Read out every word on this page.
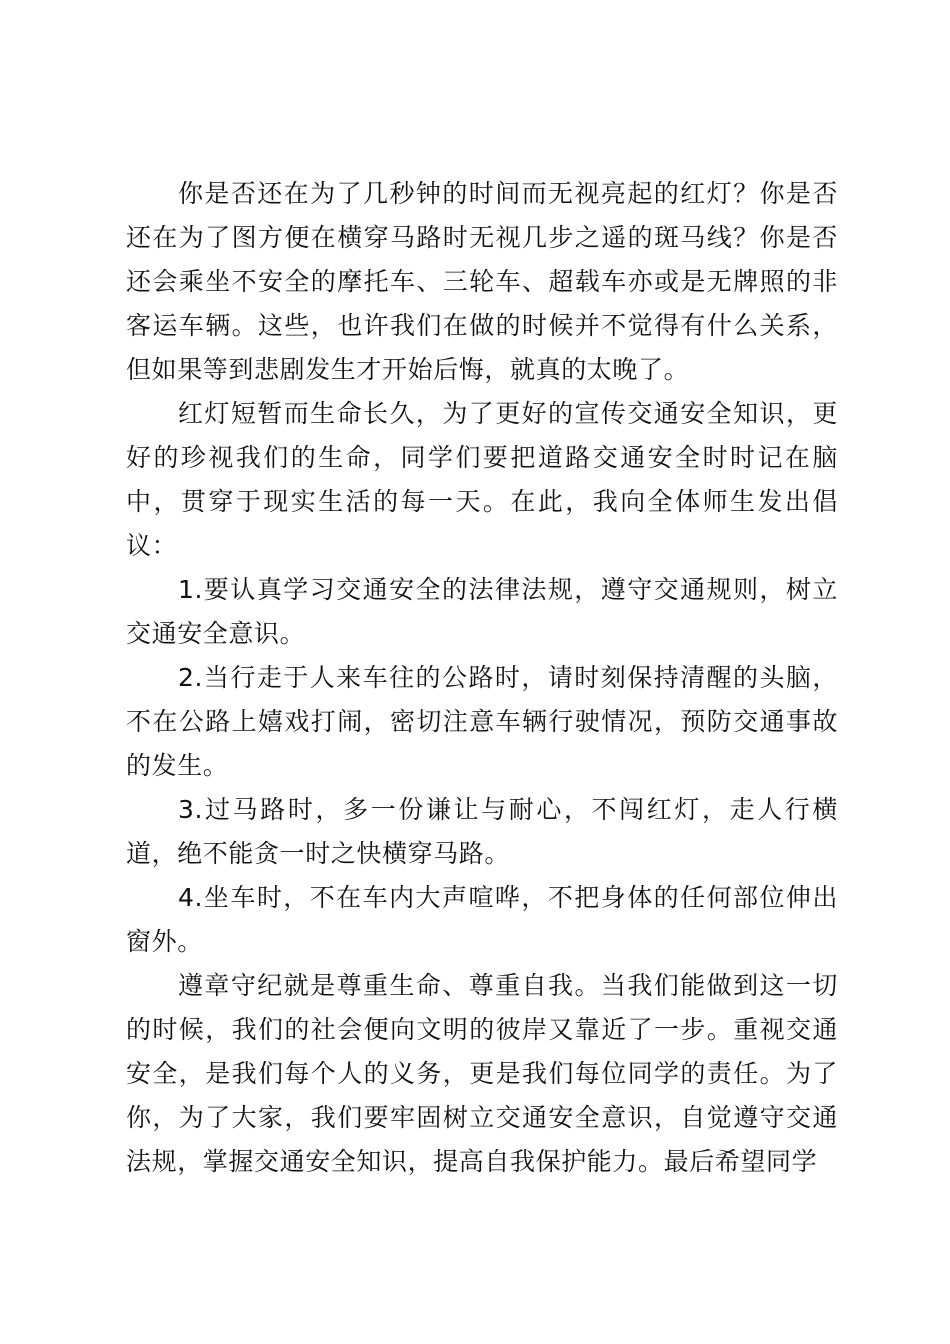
你是否还在为了几秒钟的时间而无视亮起的红灯？你是否还在为了图方便在横穿马路时无视几步之遥的斑马线？你是否还会乘坐不安全的摩托车、三轮车、超载车亦或是无牌照的非客运车辆。这些，也许我们在做的时候并不觉得有什么关系，但如果等到悲剧发生才开始后悔，就真的太晚了。

红灯短暂而生命长久，为了更好的宣传交通安全知识，更好的珍视我们的生命，同学们要把道路交通安全时时记在脑中，贯穿于现实生活的每一天。在此，我向全体师生发出倡议：

1.要认真学习交通安全的法律法规，遵守交通规则，树立交通安全意识。

2.当行走于人来车往的公路时，请时刻保持清醒的头脑，不在公路上嬉戏打闹，密切注意车辆行驶情况，预防交通事故的发生。

3.过马路时，多一份谦让与耐心，不闯红灯，走人行横道，绝不能贪一时之快横穿马路。

4.坐车时，不在车内大声喧哗，不把身体的任何部位伸出窗外。

遵章守纪就是尊重生命、尊重自我。当我们能做到这一切的时候，我们的社会便向文明的彼岸又靠近了一步。重视交通安全，是我们每个人的义务，更是我们每位同学的责任。为了你，为了大家，我们要牢固树立交通安全意识，自觉遵守交通法规，掌握交通安全知识，提高自我保护能力。最后希望同学
